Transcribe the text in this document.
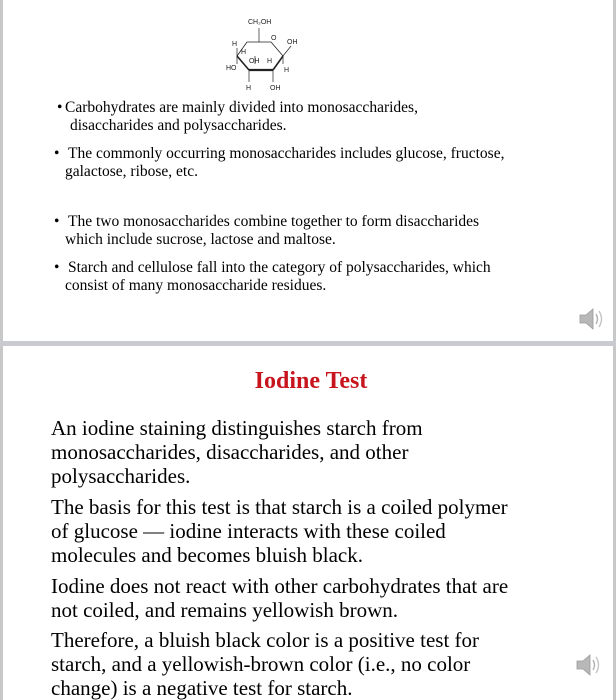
CH₂OH
O
OH
H
H
OH H
HO	H
H	OH
• Carbohydrates are mainly divided into monosaccharides,
disaccharides and polysaccharides.
• The commonly occurring monosaccharides includes glucose, fructose,
galactose, ribose, etc.
• The two monosaccharides combine together to form disaccharides
which include sucrose, lactose and maltose.
• Starch and cellulose fall into the category of polysaccharides, which
consist of many monosaccharide residues.
Iodine Test
An iodine staining distinguishes starch from
monosaccharides, disaccharides, and other
polysaccharides.
The basis for this test is that starch is a coiled polymer
of glucose — iodine interacts with these coiled
molecules and becomes bluish black.
Iodine does not react with other carbohydrates that are
not coiled, and remains yellowish brown.
Therefore, a bluish black color is a positive test for
starch, and a yellowish-brown color (i.e., no color
change) is a negative test for starch.
